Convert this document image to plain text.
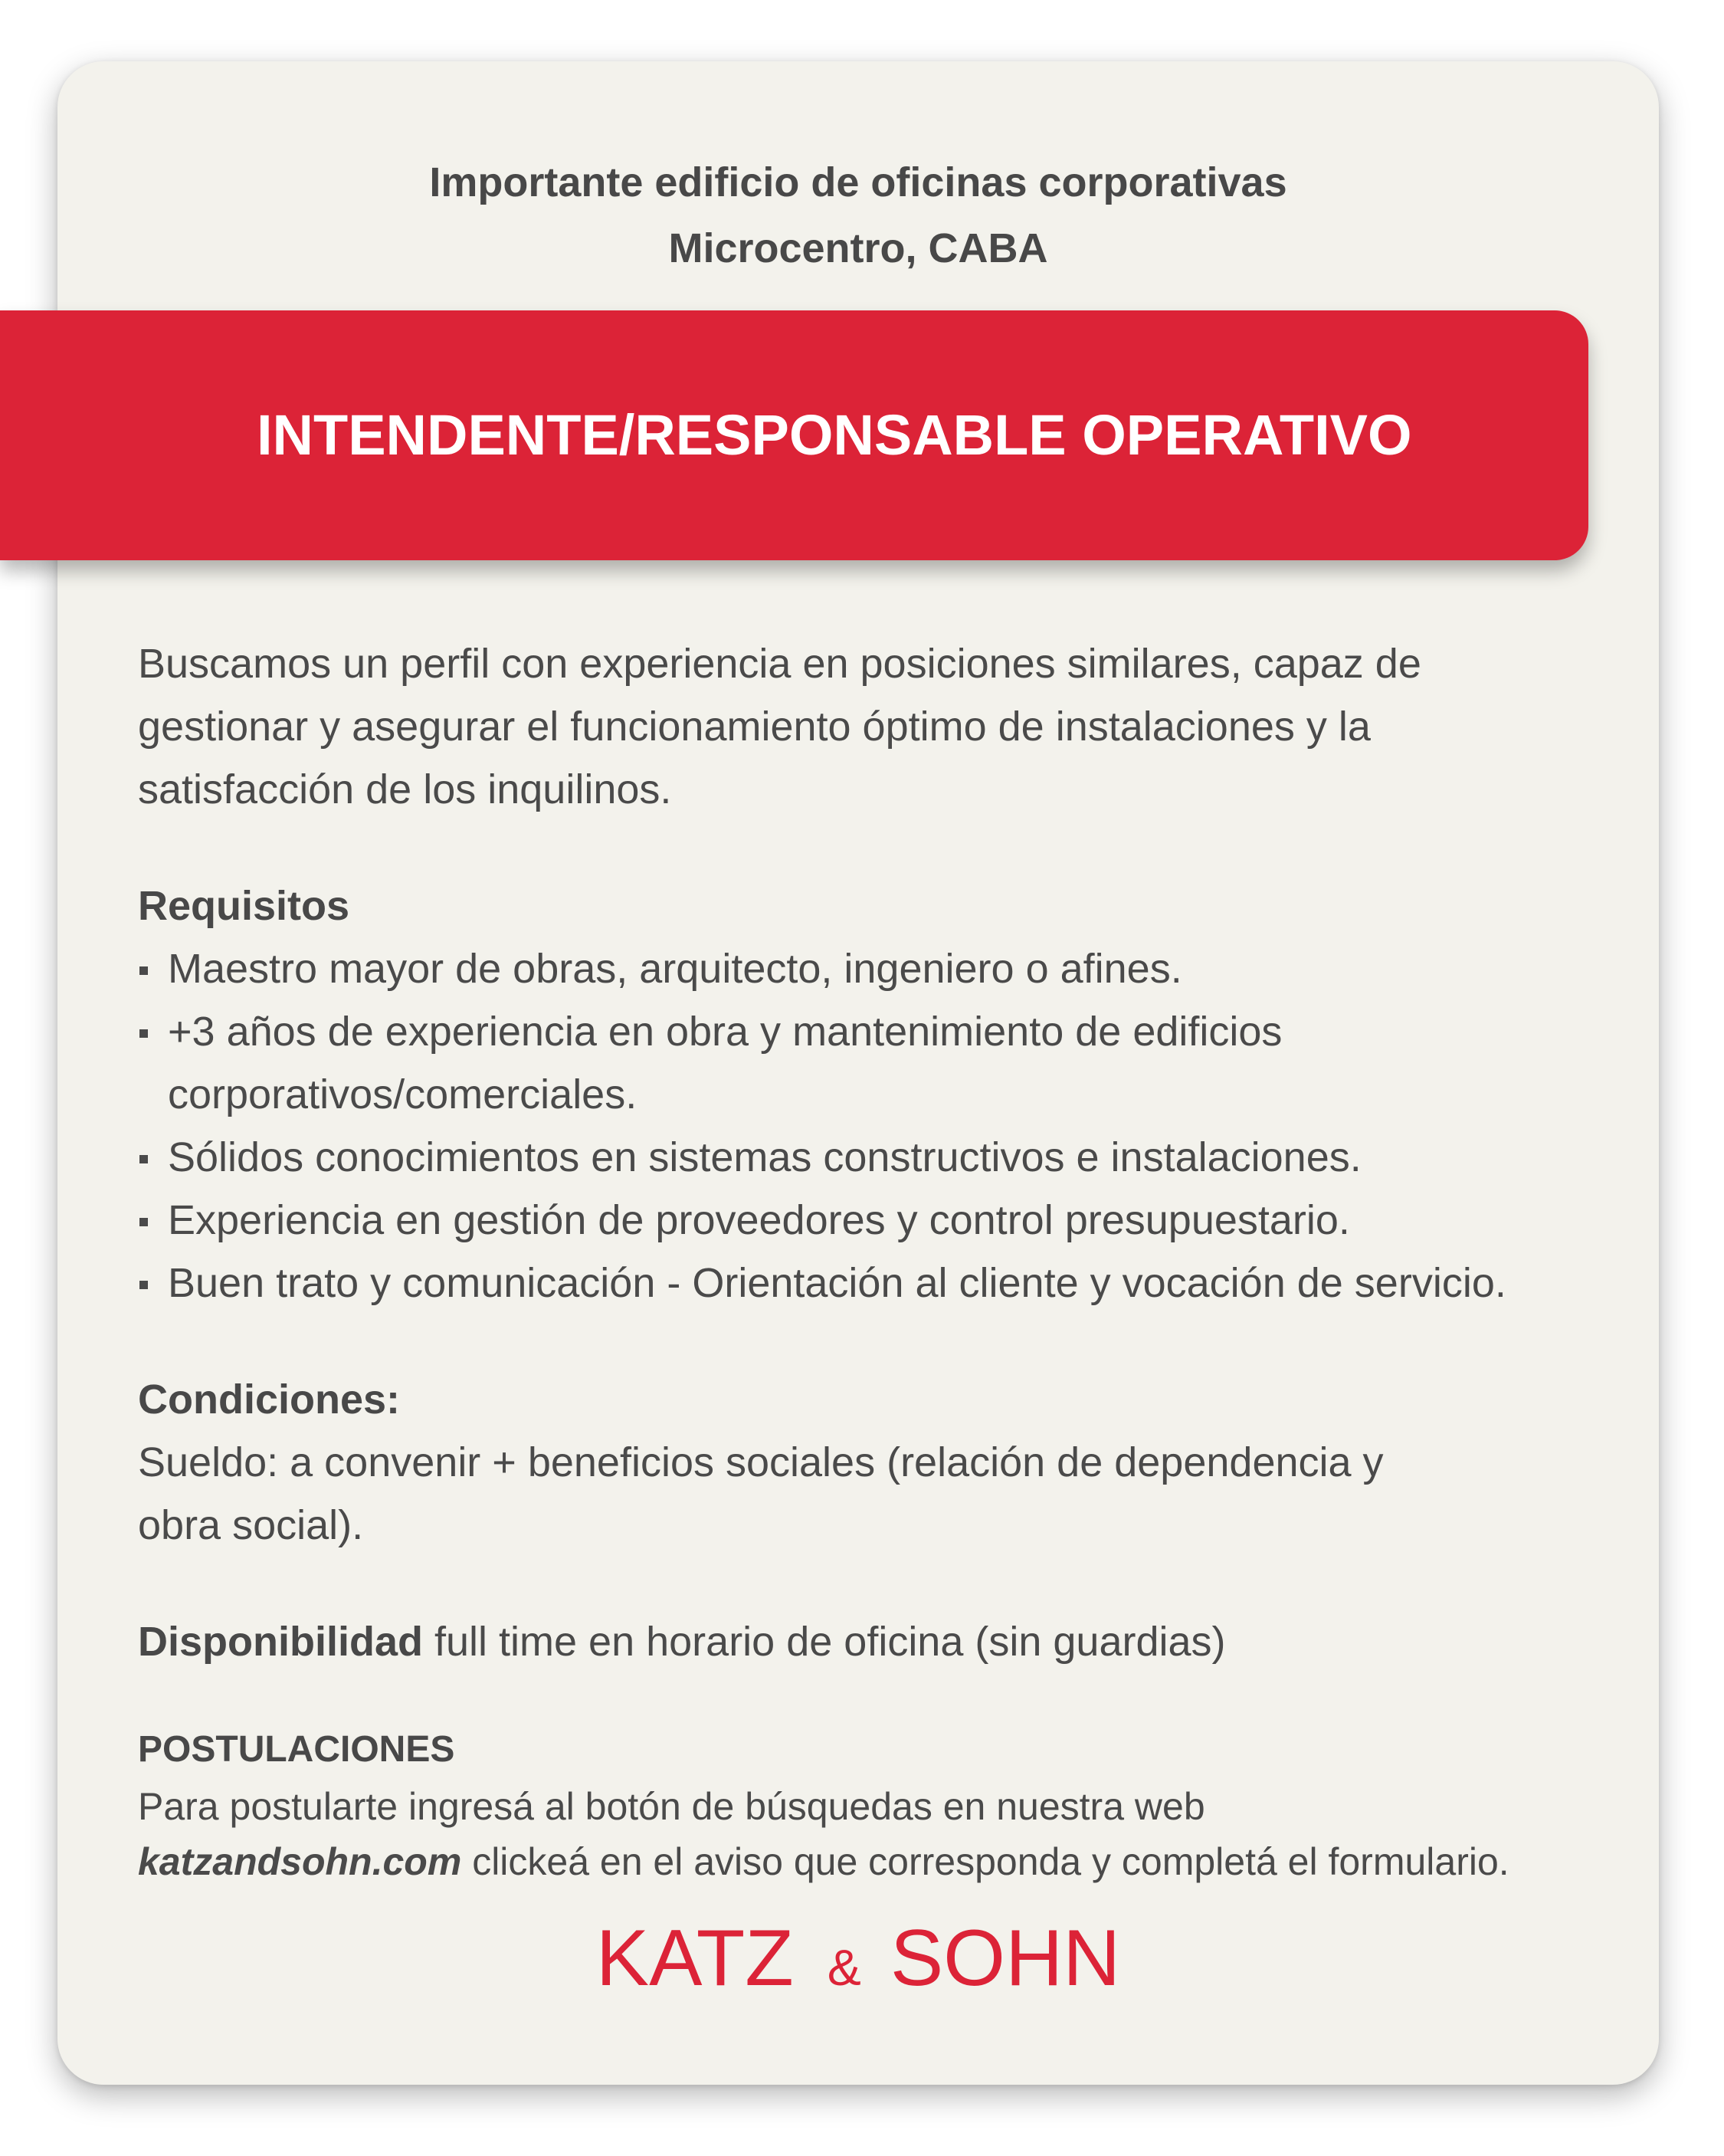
Importante edificio de oficinas corporativas
Microcentro, CABA
INTENDENTE/RESPONSABLE OPERATIVO

Buscamos un perfil con experiencia en posiciones similares, capaz de
gestionar y asegurar el funcionamiento óptimo de instalaciones y la
satisfacción de los inquilinos.

Requisitos

Maestro mayor de obras, arquitecto, ingeniero o afines.
+3 años de experiencia en obra y mantenimiento de edificios
corporativos/comerciales.
Sólidos conocimientos en sistemas constructivos e instalaciones.
Experiencia en gestión de proveedores y control presupuestario.
Buen trato y comunicación - Orientación al cliente y vocación de servicio.

Condiciones:

Sueldo: a convenir + beneficios sociales (relación de dependencia y
obra social).

Disponibilidad full time en horario de oficina (sin guardias)

POSTULACIONES

Para postularte ingresá al botón de búsquedas en nuestra web
katzandsohn.com clickeá en el aviso que corresponda y completá el formulario.

KATZ & SOHN
